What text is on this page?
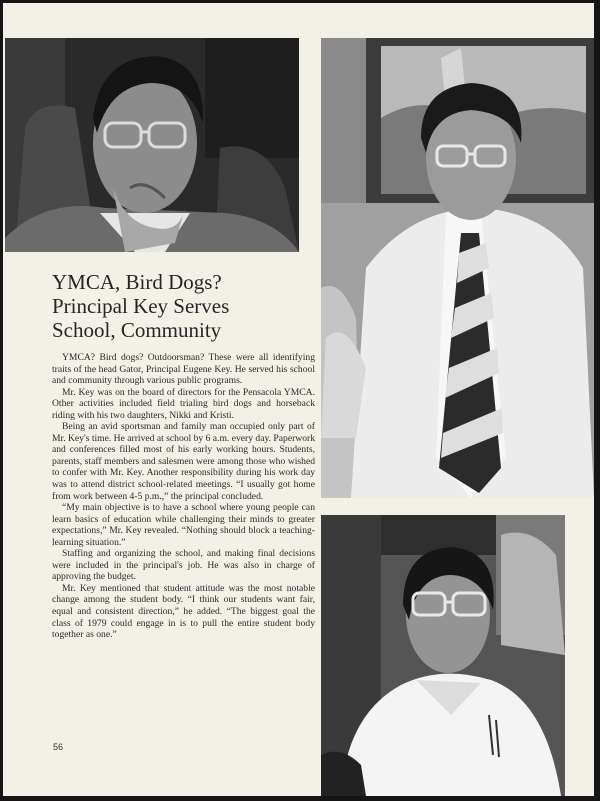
YMCA, Bird Dogs?
Principal Key Serves
School, Community

YMCA? Bird dogs? Outdoorsman? These were all identifying traits of the head Gator, Principal Eugene Key. He served his school and community through various public programs.

Mr. Key was on the board of directors for the Pensacola YMCA. Other activities included field trialing bird dogs and horseback riding with his two daughters, Nikki and Kristi.

Being an avid sportsman and family man occupied only part of Mr. Key's time. He arrived at school by 6 a.m. every day. Paperwork and conferences filled most of his early working hours. Students, parents, staff members and salesmen were among those who wished to confer with Mr. Key. Another responsibility during his work day was to attend district school-related meetings. “I usually got home from work between 4-5 p.m.,” the principal concluded.

“My main objective is to have a school where young people can learn basics of education while challenging their minds to greater expectations,” Mr. Key revealed. “Nothing should block a teaching-learning situation.”

Staffing and organizing the school, and making final decisions were included in the principal's job. He was also in charge of approving the budget.

Mr. Key mentioned that student attitude was the most notable change among the student body. “I think our students want fair, equal and consistent direction,” he added. “The biggest goal the class of 1979 could engage in is to pull the entire student body together as one.”

56
